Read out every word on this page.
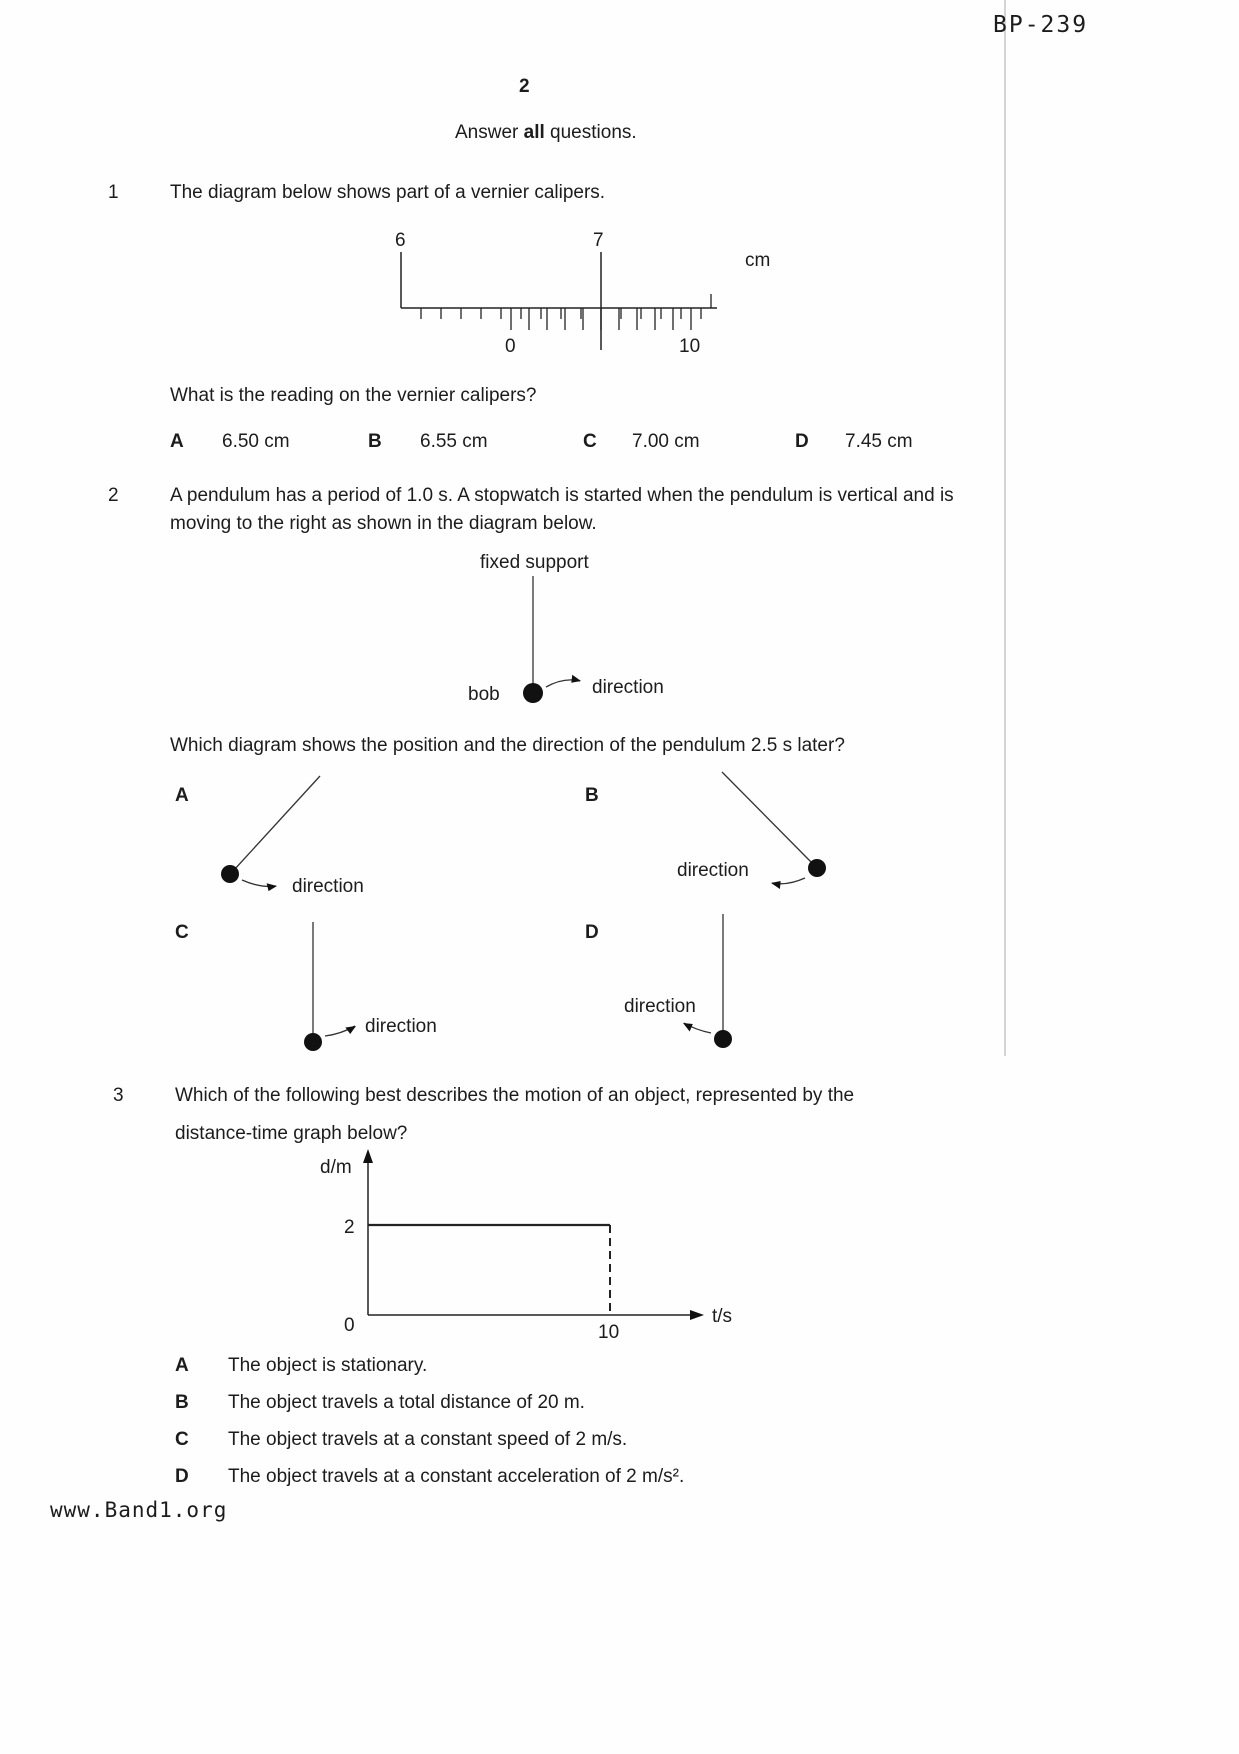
BP-239
2
Answer all questions.
1	The diagram below shows part of a vernier calipers.
6	7
cm
0	10
What is the reading on the vernier calipers?
A 6.50 cm	B 6.55 cm	C 7.00 cm	D 7.45 cm
2	A pendulum has a period of 1.0 s. A stopwatch is started when the pendulum is vertical and is
moving to the right as shown in the diagram below.
fixed support
bob	direction
Which diagram shows the position and the direction of the pendulum 2.5 s later?
A
direction
B
direction
C
direction
D
direction
3	Which of the following best describes the motion of an object, represented by the
distance-time graph below?
d/m
t/s
2
0	10
A The object is stationary.
B The object travels a total distance of 20 m.
C The object travels at a constant speed of 2 m/s.
D The object travels at a constant acceleration of 2 m/s².
www.Band1.org
